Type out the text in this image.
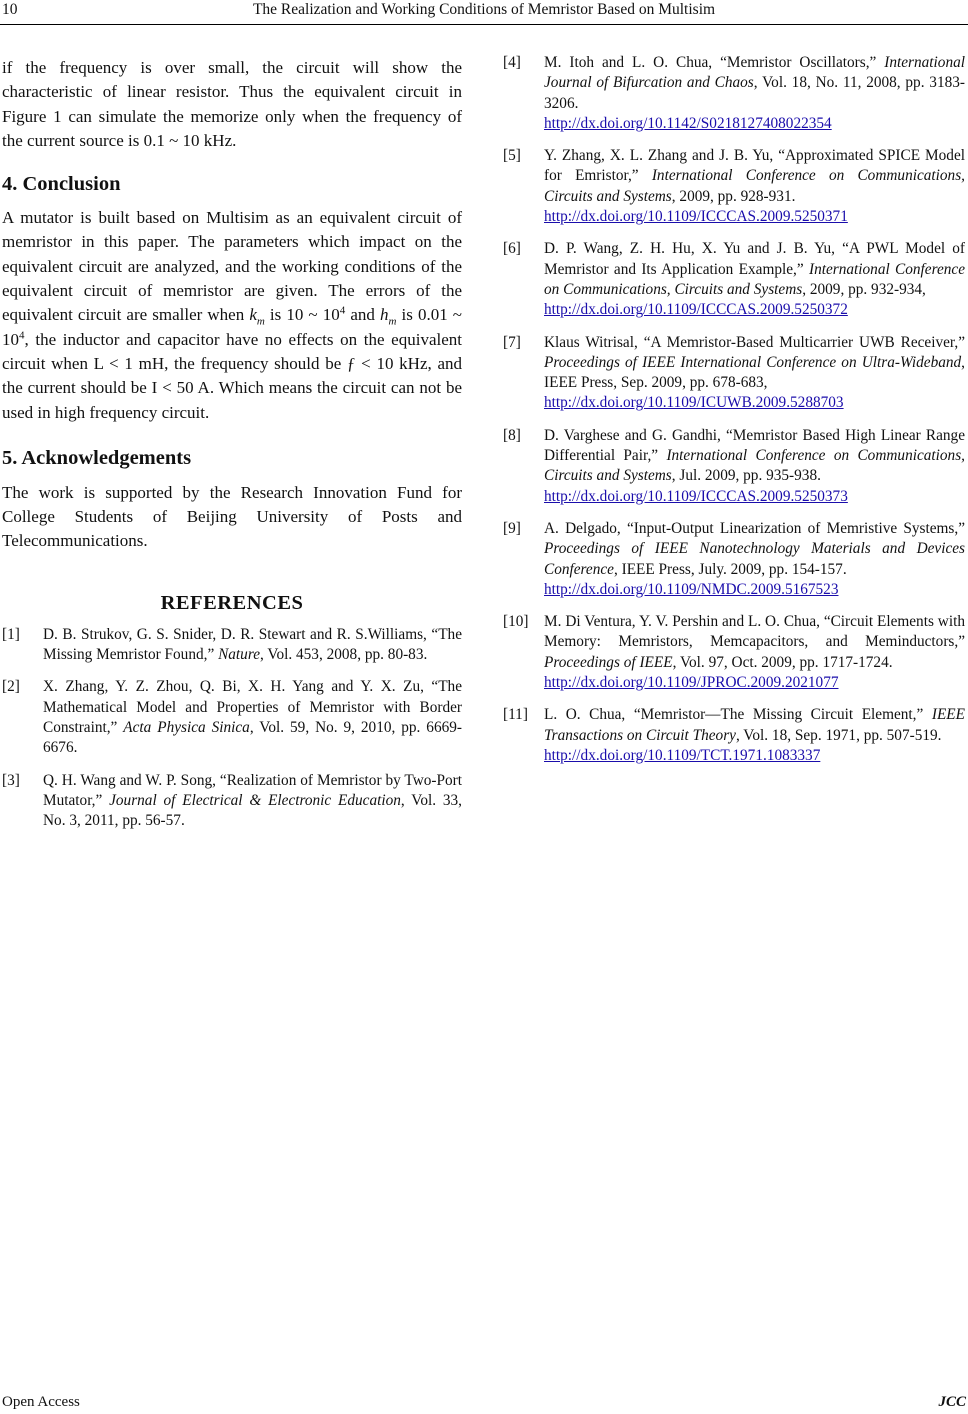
10	The Realization and Working Conditions of Memristor Based on Multisim

if the frequency is over small, the circuit will show the characteristic of linear resistor. Thus the equivalent circuit in Figure 1 can simulate the memorize only when the frequency of the current source is 0.1 ~ 10 kHz.

4. Conclusion

A mutator is built based on Multisim as an equivalent circuit of memristor in this paper. The parameters which impact on the equivalent circuit are analyzed, and the working conditions of the equivalent circuit of memristor are given. The errors of the equivalent circuit are smaller when $k_m$ is 10 ~ $10^4$ and $h_m$ is 0.01 ~ $10^4$, the inductor and capacitor have no effects on the equivalent circuit when L < 1 mH, the frequency should be ƒ < 10 kHz, and the current should be I < 50 A. Which means the circuit can not be used in high frequency circuit.

5. Acknowledgements

The work is supported by the Research Innovation Fund for College Students of Beijing University of Posts and Telecommunications.

REFERENCES
[1] D. B. Strukov, G. S. Snider, D. R. Stewart and R. S.Williams, “The Missing Memristor Found,” Nature, Vol. 453, 2008, pp. 80-83.
[2] X. Zhang, Y. Z. Zhou, Q. Bi, X. H. Yang and Y. X. Zu, “The Mathematical Model and Properties of Memristor with Border Constraint,” Acta Physica Sinica, Vol. 59, No. 9, 2010, pp. 6669-6676.
[3] Q. H. Wang and W. P. Song, “Realization of Memristor by Two-Port Mutator,” Journal of Electrical & Electronic Education, Vol. 33, No. 3, 2011, pp. 56-57.
[4] M. Itoh and L. O. Chua, “Memristor Oscillators,” International Journal of Bifurcation and Chaos, Vol. 18, No. 11, 2008, pp. 3183-3206.
http://dx.doi.org/10.1142/S0218127408022354
[5] Y. Zhang, X. L. Zhang and J. B. Yu, “Approximated SPICE Model for Emristor,” International Conference on Communications, Circuits and Systems, 2009, pp. 928-931.
http://dx.doi.org/10.1109/ICCCAS.2009.5250371
[6] D. P. Wang, Z. H. Hu, X. Yu and J. B. Yu, “A PWL Model of Memristor and Its Application Example,” International Conference on Communications, Circuits and Systems, 2009, pp. 932-934,
http://dx.doi.org/10.1109/ICCCAS.2009.5250372
[7] Klaus Witrisal, “A Memristor-Based Multicarrier UWB Receiver,” Proceedings of IEEE International Conference on Ultra-Wideband, IEEE Press, Sep. 2009, pp. 678-683,
http://dx.doi.org/10.1109/ICUWB.2009.5288703
[8] D. Varghese and G. Gandhi, “Memristor Based High Linear Range Differential Pair,” International Conference on Communications, Circuits and Systems, Jul. 2009, pp. 935-938.
http://dx.doi.org/10.1109/ICCCAS.2009.5250373
[9] A. Delgado, “Input-Output Linearization of Memristive Systems,” Proceedings of IEEE Nanotechnology Materials and Devices Conference, IEEE Press, July. 2009, pp. 154-157.
http://dx.doi.org/10.1109/NMDC.2009.5167523
[10] M. Di Ventura, Y. V. Pershin and L. O. Chua, “Circuit Elements with Memory: Memristors, Memcapacitors, and Meminductors,” Proceedings of IEEE, Vol. 97, Oct. 2009, pp. 1717-1724.
http://dx.doi.org/10.1109/JPROC.2009.2021077
[11] L. O. Chua, “Memristor—The Missing Circuit Element,” IEEE Transactions on Circuit Theory, Vol. 18, Sep. 1971, pp. 507-519.
http://dx.doi.org/10.1109/TCT.1971.1083337
Open Access	JCC
